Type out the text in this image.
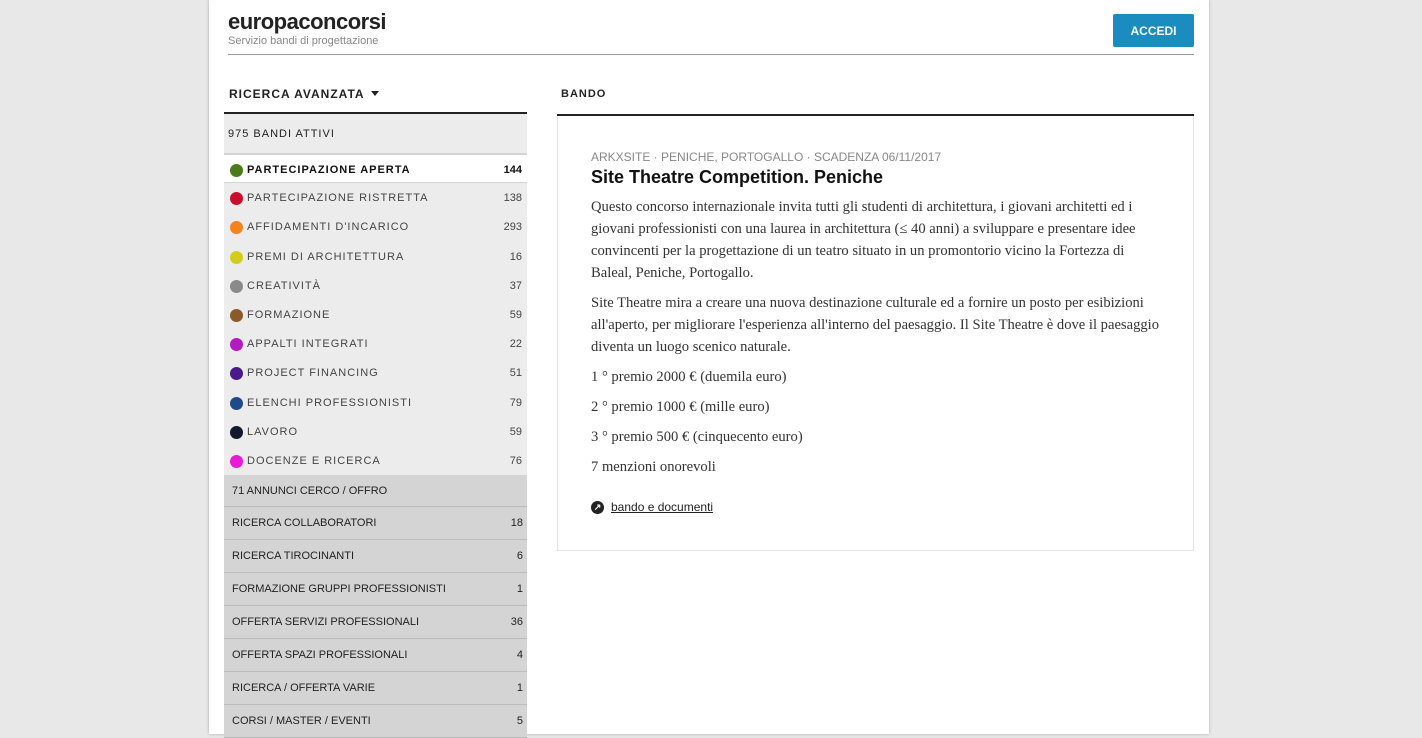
europaconcorsi
Servizio bandi di progettazione
ACCEDI
RICERCA AVANZATA
975 BANDI ATTIVI
PARTECIPAZIONE APERTA	144
PARTECIPAZIONE RISTRETTA	138
AFFIDAMENTI D'INCARICO	293
PREMI DI ARCHITETTURA	16
CREATIVITÀ	37
FORMAZIONE	59
APPALTI INTEGRATI	22
PROJECT FINANCING	51
ELENCHI PROFESSIONISTI	79
LAVORO	59
DOCENZE E RICERCA	76
71 ANNUNCI CERCO / OFFRO
RICERCA COLLABORATORI	18
RICERCA TIROCINANTI	6
FORMAZIONE GRUPPI PROFESSIONISTI	1
OFFERTA SERVIZI PROFESSIONALI	36
OFFERTA SPAZI PROFESSIONALI	4
RICERCA / OFFERTA VARIE	1
CORSI / MASTER / EVENTI	5
BANDO
ARKXSITE · PENICHE, PORTOGALLO · SCADENZA 06/11/2017
Site Theatre Competition. Peniche

Questo concorso internazionale invita tutti gli studenti di architettura, i giovani architetti ed i giovani professionisti con una laurea in architettura (≤ 40 anni) a sviluppare e presentare idee convincenti per la progettazione di un teatro situato in un promontorio vicino la Fortezza di Baleal, Peniche, Portogallo.

Site Theatre mira a creare una nuova destinazione culturale ed a fornire un posto per esibizioni all'aperto, per migliorare l'esperienza all'interno del paesaggio. Il Site Theatre è dove il paesaggio diventa un luogo scenico naturale.

1 ° premio 2000 € (duemila euro)

2 ° premio 1000 € (mille euro)

3 ° premio 500 € (cinquecento euro)

7 menzioni onorevoli

↗ bando e documenti
